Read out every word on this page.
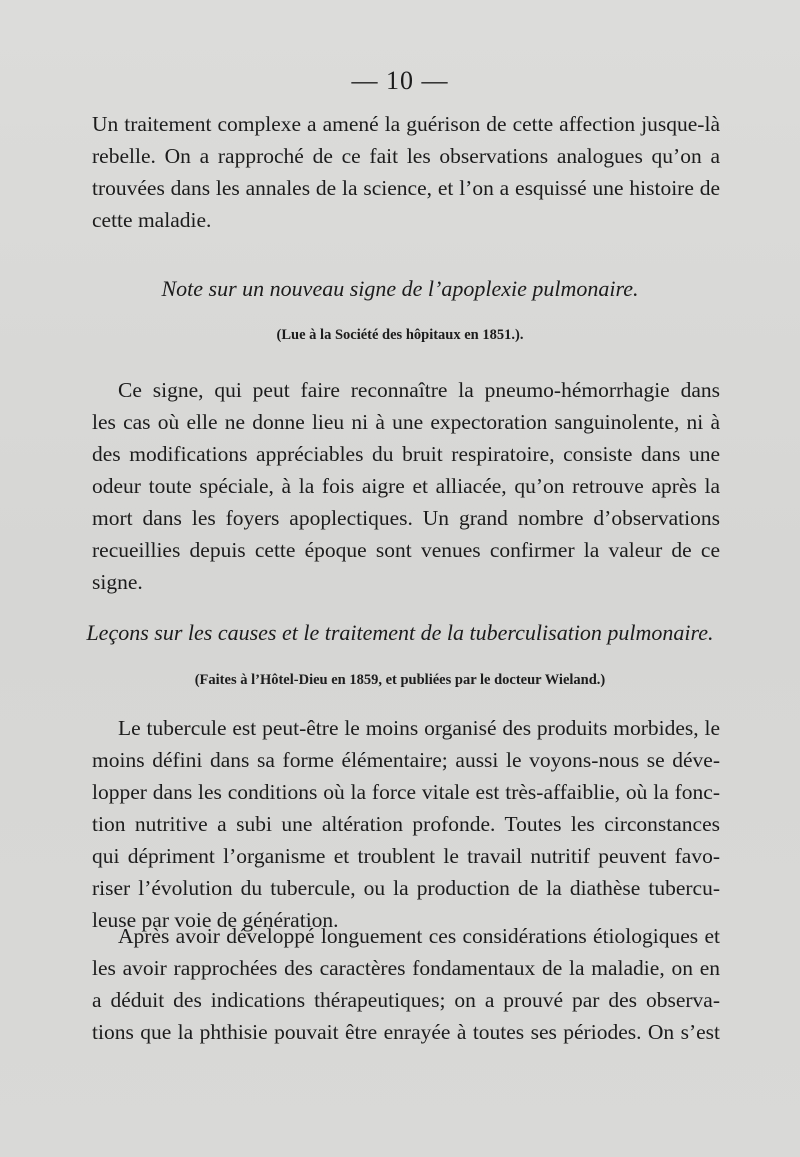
— 10 —
Un traitement complexe a amené la guérison de cette affection jusque-là
rebelle. On a rapproché de ce fait les observations analogues qu’on a
trouvées dans les annales de la science, et l’on a esquissé une histoire de
cette maladie.
Note sur un nouveau signe de l’apoplexie pulmonaire.
(Lue à la Société des hôpitaux en 1851.).
Ce signe, qui peut faire reconnaître la pneumo-hémorrhagie dans
les cas où elle ne donne lieu ni à une expectoration sanguinolente, ni à
des modifications appréciables du bruit respiratoire, consiste dans une
odeur toute spéciale, à la fois aigre et alliacée, qu’on retrouve après la
mort dans les foyers apoplectiques. Un grand nombre d’observations
recueillies depuis cette époque sont venues confirmer la valeur de ce
signe.
Leçons sur les causes et le traitement de la tuberculisation pulmonaire.
(Faites à l’Hôtel-Dieu en 1859, et publiées par le docteur Wieland.)
Le tubercule est peut-être le moins organisé des produits morbides, le
moins défini dans sa forme élémentaire; aussi le voyons-nous se déve-
lopper dans les conditions où la force vitale est très-affaiblie, où la fonc-
tion nutritive a subi une altération profonde. Toutes les circonstances
qui dépriment l’organisme et troublent le travail nutritif peuvent favo-
riser l’évolution du tubercule, ou la production de la diathèse tubercu-
leuse par voie de génération.
Après avoir développé longuement ces considérations étiologiques et
les avoir rapprochées des caractères fondamentaux de la maladie, on en
a déduit des indications thérapeutiques; on a prouvé par des observa-
tions que la phthisie pouvait être enrayée à toutes ses périodes. On s’est
